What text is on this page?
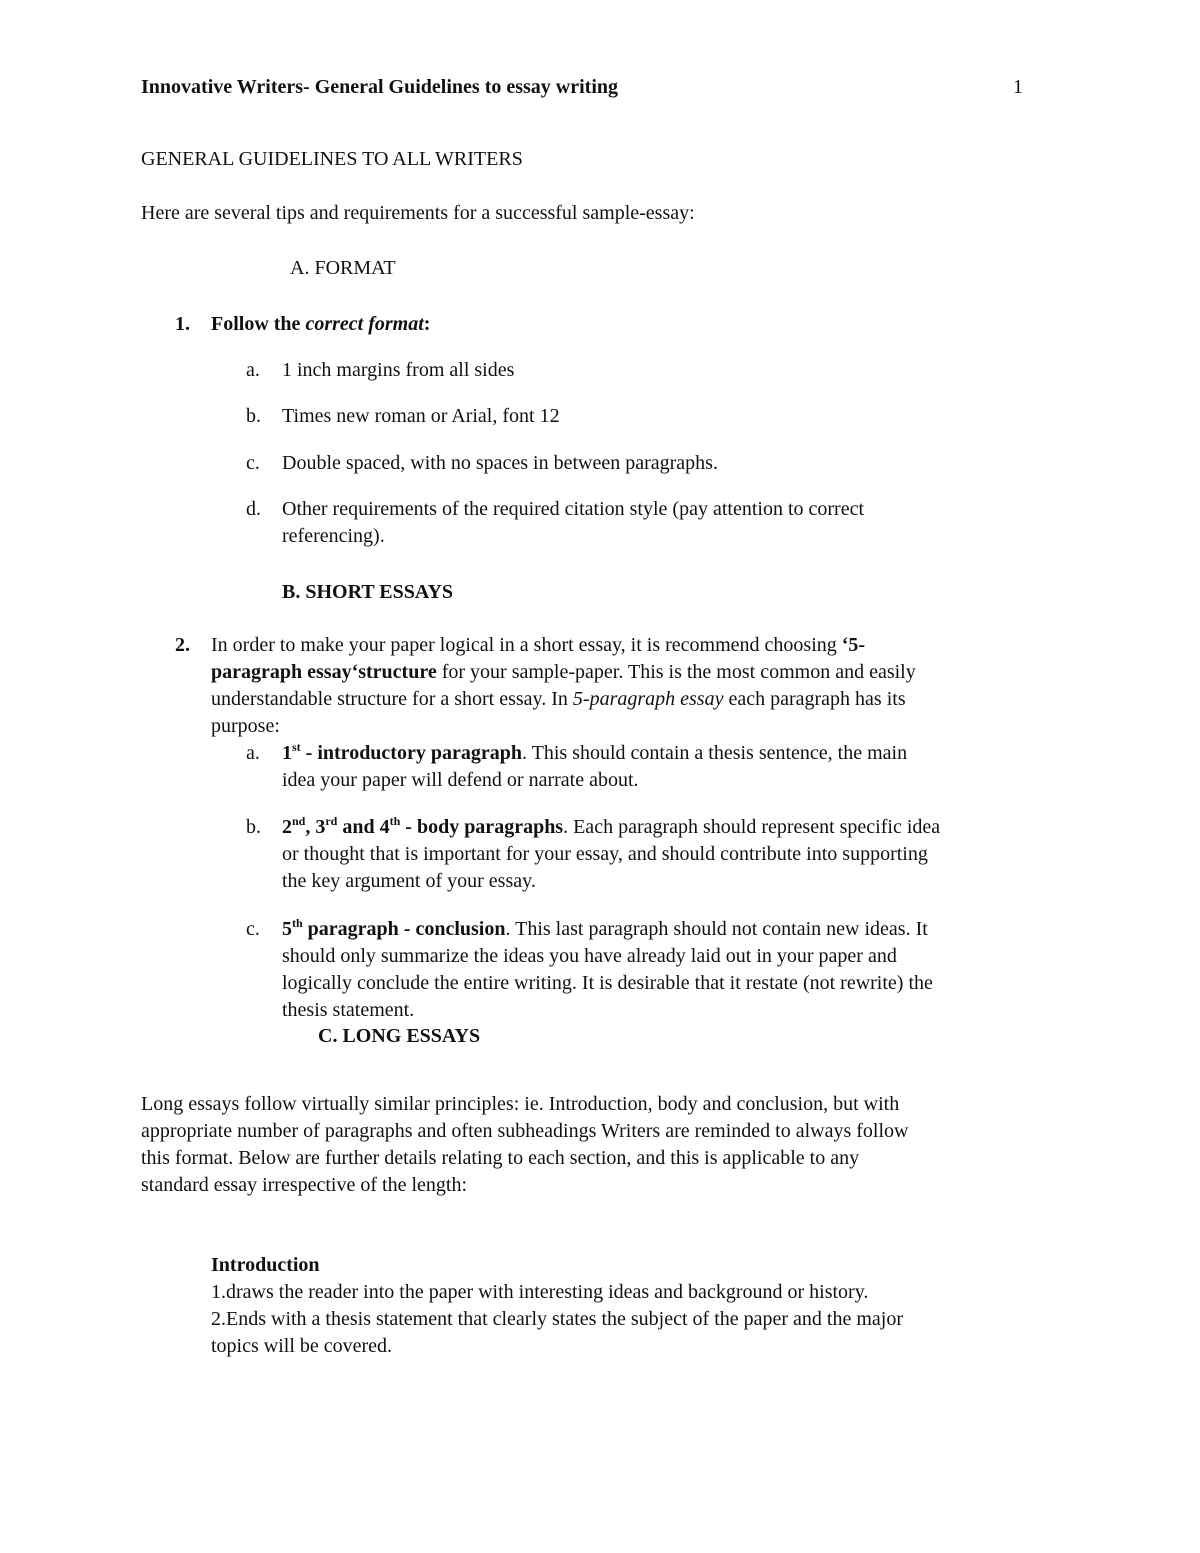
Innovative Writers- General Guidelines to essay writing	1
GENERAL GUIDELINES TO ALL WRITERS
Here are several tips and requirements for a successful sample-essay:
A. FORMAT
1. Follow the correct format:
a. 1 inch margins from all sides
b. Times new roman or Arial, font 12
c. Double spaced, with no spaces in between paragraphs.
d. Other requirements of the required citation style (pay attention to correct
referencing).
B. SHORT ESSAYS
2. In order to make your paper logical in a short essay, it is recommend choosing ‘5-
paragraph essay‘structure for your sample-paper. This is the most common and easily
understandable structure for a short essay. In 5-paragraph essay each paragraph has its
purpose:
a. 1st - introductory paragraph. This should contain a thesis sentence, the main
idea your paper will defend or narrate about.
b. 2nd, 3rd and 4th - body paragraphs. Each paragraph should represent specific idea
or thought that is important for your essay, and should contribute into supporting
the key argument of your essay.
c. 5th paragraph - conclusion. This last paragraph should not contain new ideas. It
should only summarize the ideas you have already laid out in your paper and
logically conclude the entire writing. It is desirable that it restate (not rewrite) the
thesis statement.
C. LONG ESSAYS
Long essays follow virtually similar principles: ie. Introduction, body and conclusion, but with
appropriate number of paragraphs and often subheadings Writers are reminded to always follow
this format. Below are further details relating to each section, and this is applicable to any
standard essay irrespective of the length:
Introduction
1.draws the reader into the paper with interesting ideas and background or history.
2.Ends with a thesis statement that clearly states the subject of the paper and the major
topics will be covered.
